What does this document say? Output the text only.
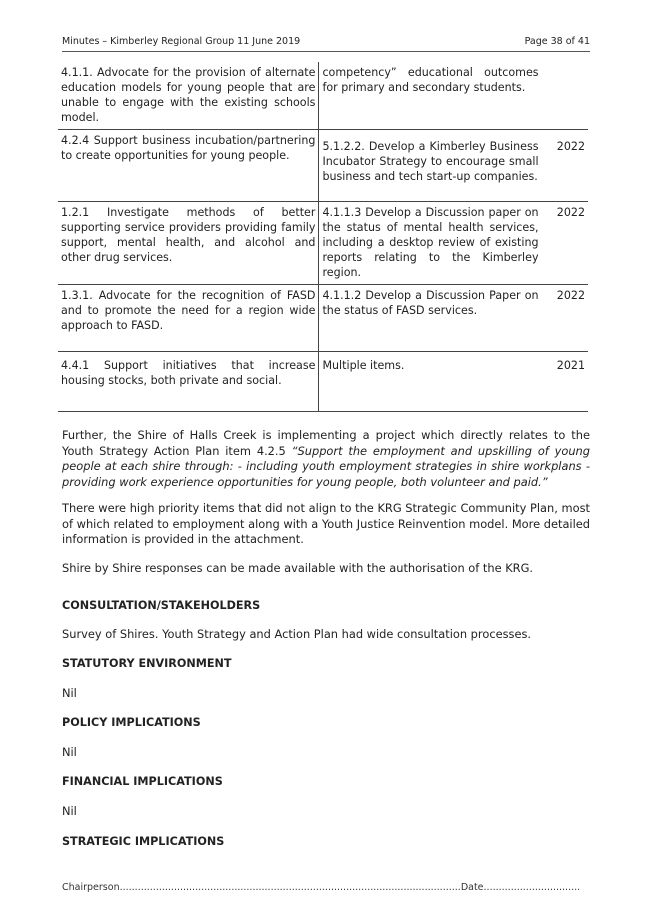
Minutes – Kimberley Regional Group 11 June 2019	Page 38 of 41
4.1.1. Advocate for the provision of alternate education models for young people that are unable to engage with the existing schools model.	competency” educational outcomes for primary and secondary students.	
4.2.4 Support business incubation/partnering to create opportunities for young people.	5.1.2.2. Develop a Kimberley Business Incubator Strategy to encourage small business and tech start-up companies.	2022
1.2.1 Investigate methods of better supporting service providers providing family support, mental health, and alcohol and other drug services.	4.1.1.3 Develop a Discussion paper on the status of mental health services, including a desktop review of existing reports relating to the Kimberley region.	2022
1.3.1. Advocate for the recognition of FASD and to promote the need for a region wide approach to FASD.	4.1.1.2 Develop a Discussion Paper on the status of FASD services.	2022
4.4.1 Support initiatives that increase housing stocks, both private and social.	Multiple items.	2021

Further, the Shire of Halls Creek is implementing a project which directly relates to the Youth Strategy Action Plan item 4.2.5 “Support the employment and upskilling of young people at each shire through: - including youth employment strategies in shire workplans - providing work experience opportunities for young people, both volunteer and paid.”

There were high priority items that did not align to the KRG Strategic Community Plan, most of which related to employment along with a Youth Justice Reinvention model. More detailed information is provided in the attachment.

Shire by Shire responses can be made available with the authorisation of the KRG.

CONSULTATION/STAKEHOLDERS

Survey of Shires. Youth Strategy and Action Plan had wide consultation processes.

STATUTORY ENVIRONMENT

Nil

POLICY IMPLICATIONS

Nil

FINANCIAL IMPLICATIONS

Nil

STRATEGIC IMPLICATIONS

Chairperson.................................................................................................................Date................................
